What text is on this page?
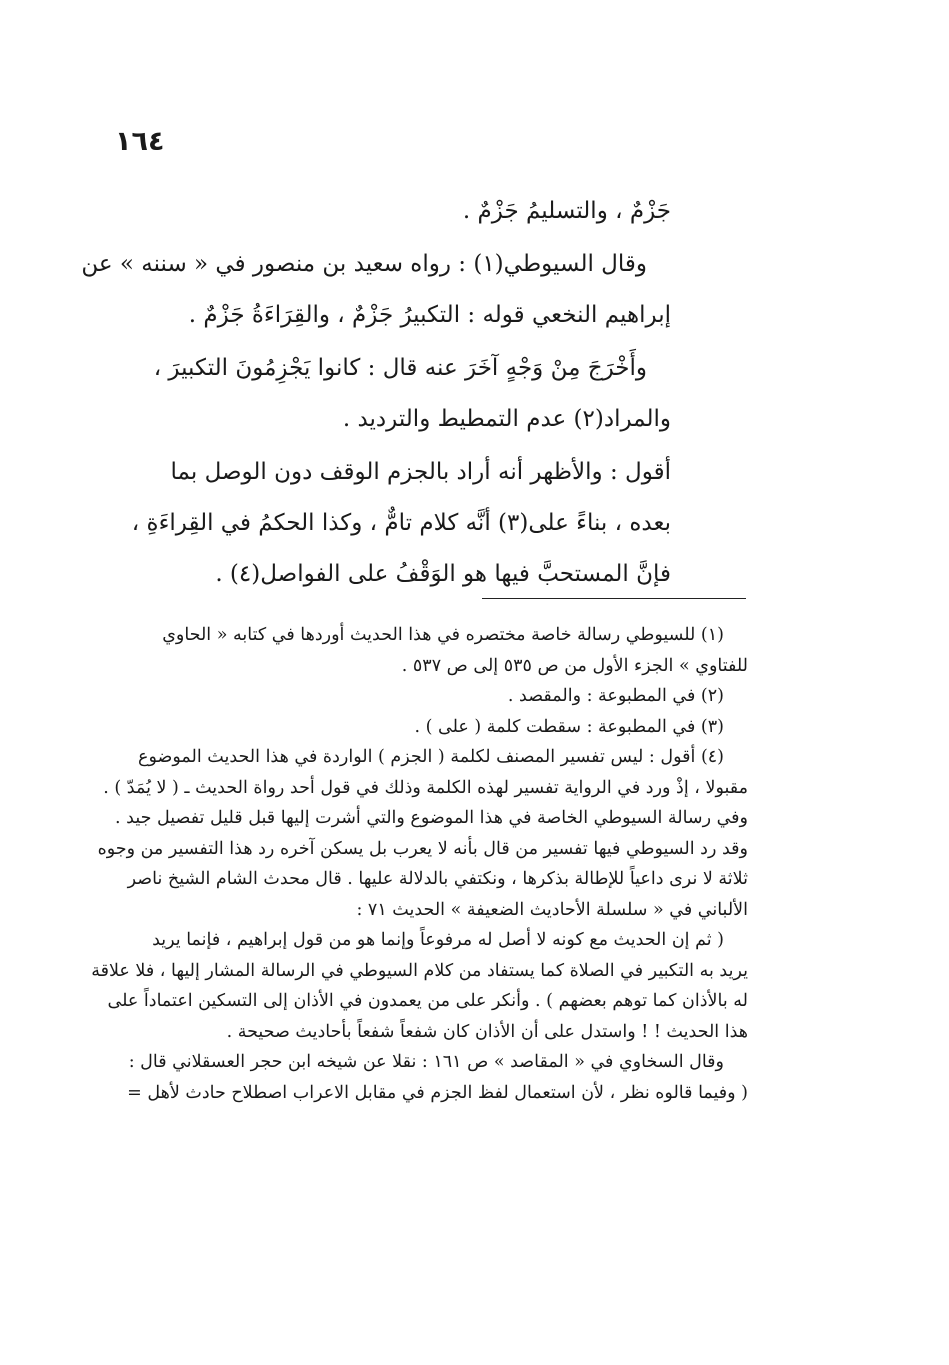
١٦٤
جَزْمٌ ، والتسليمُ جَزْمٌ .
وقال السيوطي(١) : رواه سعيد بن منصور في « سننه » عن
إبراهيم النخعي قوله : التكبيرُ جَزْمٌ ، والقِرَاءَةُ جَزْمٌ .
وأَخْرَجَ مِنْ وَجْهٍ آخَرَ عنه قال : كانوا يَجْزِمُونَ التكبيرَ ،
والمراد(٢) عدم التمطيط والترديد .
أقول : والأظهر أنه أراد بالجزم الوقف دون الوصل بما
بعده ، بناءً على(٣) أنَّه كلام تامٌّ ، وكذا الحكمُ في القِراءَةِ ،
فإنَّ المستحبَّ فيها هو الوَقْفُ على الفواصل(٤) .
(١) للسيوطي رسالة خاصة مختصره في هذا الحديث أوردها في كتابه « الحاوي
للفتاوي » الجزء الأول من ص ٥٣٥ إلى ص ٥٣٧ .
(٢) في المطبوعة : والمقصد .
(٣) في المطبوعة : سقطت كلمة ( على ) .
(٤) أقول : ليس تفسير المصنف لكلمة ( الجزم ) الواردة في هذا الحديث الموضوع
مقبولا ، إذْ ورد في الرواية تفسير لهذه الكلمة وذلك في قول أحد رواة الحديث ـ ( لا يُمَدّ ) .
وفي رسالة السيوطي الخاصة في هذا الموضوع والتي أشرت إليها قبل قليل تفصيل جيد .
وقد رد السيوطي فيها تفسير من قال بأنه لا يعرب بل يسكن آخره رد هذا التفسير من وجوه
ثلاثة لا نرى داعياً للإطالة بذكرها ، ونكتفي بالدلالة عليها . قال محدث الشام الشيخ ناصر
الألباني في « سلسلة الأحاديث الضعيفة » الحديث ٧١ :
( ثم إن الحديث مع كونه لا أصل له مرفوعاً وإنما هو من قول إبراهيم ، فإنما يريد
يريد به التكبير في الصلاة كما يستفاد من كلام السيوطي في الرسالة المشار إليها ، فلا علاقة
له بالأذان كما توهم بعضهم ) . وأنكر على من يعمدون في الأذان إلى التسكين اعتماداً على
هذا الحديث ! ! واستدل على أن الأذان كان شفعاً شفعاً بأحاديث صحيحة .
وقال السخاوي في « المقاصد » ص ١٦١ : نقلا عن شيخه ابن حجر العسقلاني قال :
( وفيما قالوه نظر ، لأن استعمال لفظ الجزم في مقابل الاعراب اصطلاح حادث لأهل =
